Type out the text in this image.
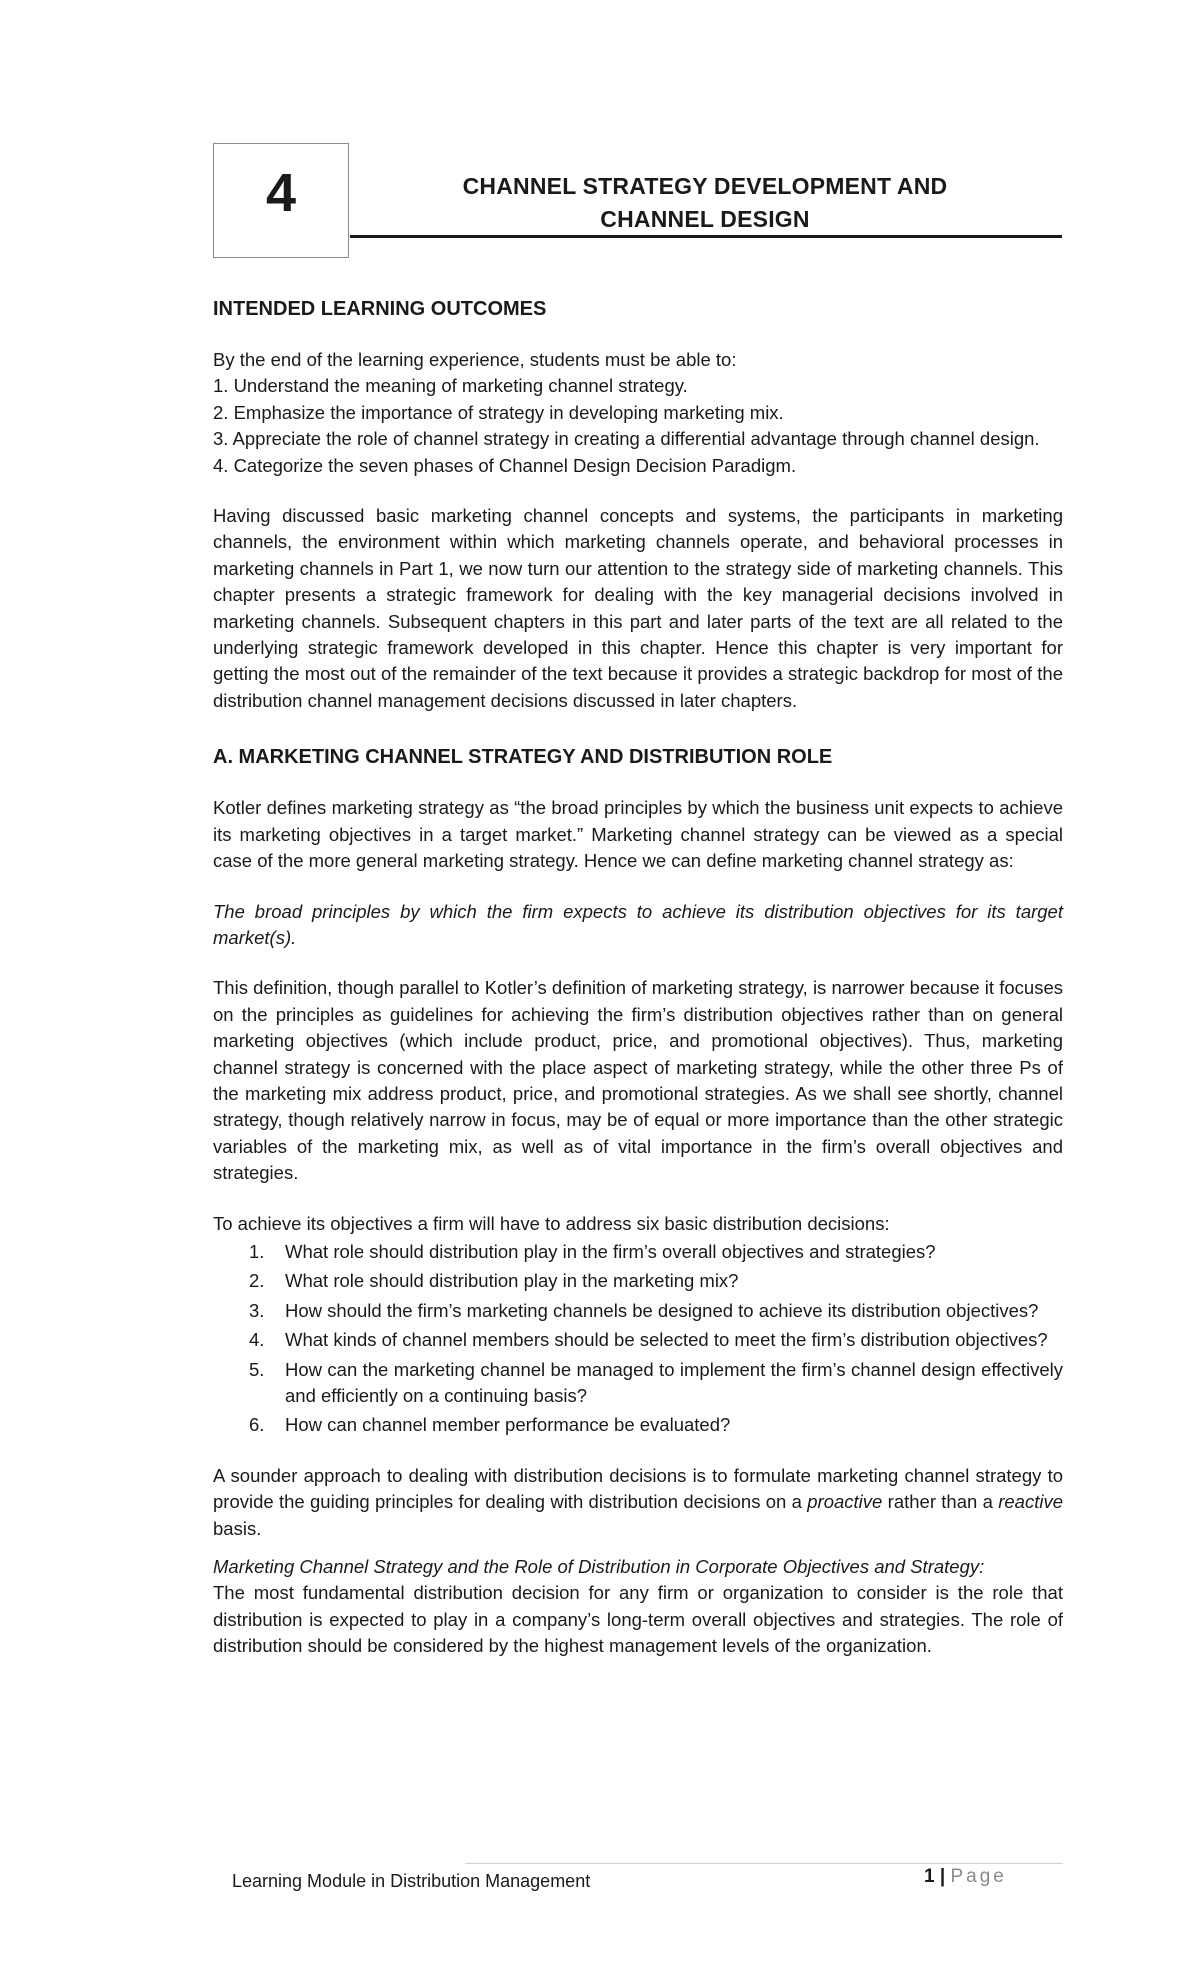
4	CHANNEL STRATEGY DEVELOPMENT AND
CHANNEL DESIGN
INTENDED LEARNING OUTCOMES

By the end of the learning experience, students must be able to:

1. Understand the meaning of marketing channel strategy.

2. Emphasize the importance of strategy in developing marketing mix.

3. Appreciate the role of channel strategy in creating a differential advantage through channel design.

4. Categorize the seven phases of Channel Design Decision Paradigm.

Having discussed basic marketing channel concepts and systems, the participants in marketing channels, the environment within which marketing channels operate, and behavioral processes in marketing channels in Part 1, we now turn our attention to the strategy side of marketing channels. This chapter presents a strategic framework for dealing with the key managerial decisions involved in marketing channels. Subsequent chapters in this part and later parts of the text are all related to the underlying strategic framework developed in this chapter. Hence this chapter is very important for getting the most out of the remainder of the text because it provides a strategic backdrop for most of the distribution channel management decisions discussed in later chapters.

A. MARKETING CHANNEL STRATEGY AND DISTRIBUTION ROLE

Kotler defines marketing strategy as “the broad principles by which the business unit expects to achieve its marketing objectives in a target market.” Marketing channel strategy can be viewed as a special case of the more general marketing strategy. Hence we can define marketing channel strategy as:

The broad principles by which the firm expects to achieve its distribution objectives for its target market(s).

This definition, though parallel to Kotler’s definition of marketing strategy, is narrower because it focuses on the principles as guidelines for achieving the firm’s distribution objectives rather than on general marketing objectives (which include product, price, and promotional objectives). Thus, marketing channel strategy is concerned with the place aspect of marketing strategy, while the other three Ps of the marketing mix address product, price, and promotional strategies. As we shall see shortly, channel strategy, though relatively narrow in focus, may be of equal or more importance than the other strategic variables of the marketing mix, as well as of vital importance in the firm’s overall objectives and strategies.

To achieve its objectives a firm will have to address six basic distribution decisions:

1.	What role should distribution play in the firm’s overall objectives and strategies?
2.	What role should distribution play in the marketing mix?
3.	How should the firm’s marketing channels be designed to achieve its distribution objectives?
4.	What kinds of channel members should be selected to meet the firm’s distribution objectives?
5.	How can the marketing channel be managed to implement the firm’s channel design effectively and efficiently on a continuing basis?
6.	How can channel member performance be evaluated?

A sounder approach to dealing with distribution decisions is to formulate marketing channel strategy to provide the guiding principles for dealing with distribution decisions on a proactive rather than a reactive basis.

Marketing Channel Strategy and the Role of Distribution in Corporate Objectives and Strategy:

The most fundamental distribution decision for any firm or organization to consider is the role that distribution is expected to play in a company’s long-term overall objectives and strategies. The role of distribution should be considered by the highest management levels of the organization.

Learning Module in Distribution Management	1 | Page
